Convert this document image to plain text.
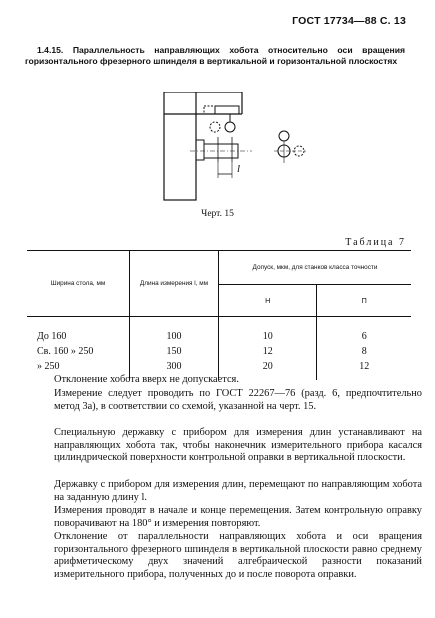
ГОСТ 17734—88 С. 13
1.4.15. Параллельность направляющих хобота относительно оси вращения горизонтального фрезерного шпинделя в вертикальной и горизонтальной плоскостях
l
Черт. 15
Таблица 7
Ширина стола, мм	Длина измерения l, мм	Допуск, мкм, для станков класса точности	
		Н	П

До 160	100	10	6
Св. 160 » 250	150	12	8
» 250	300	20	12

Отклонение хобота вверх не допускается.
Измерение следует проводить по ГОСТ 22267—76 (разд. 6, предпочтительно метод 3а), в соответствии со схемой, указанной на черт. 15.
Специальную державку с прибором для измерения длин устанавливают на направляющих хобота так, чтобы наконечник измерительного прибора касался цилиндрической поверхности контрольной оправки в вертикальной плоскости.
Державку с прибором для измерения длин, перемещают по направляющим хобота на заданную длину l.
Измерения проводят в начале и конце перемещения. Затем контрольную оправку поворачивают на 180° и измерения повторяют.
Отклонение от параллельности направляющих хобота и оси вращения горизонтального фрезерного шпинделя в вертикальной плоскости равно среднему арифметическому двух значений алгебраической разности показаний измерительного прибора, полученных до и после поворота оправки.
